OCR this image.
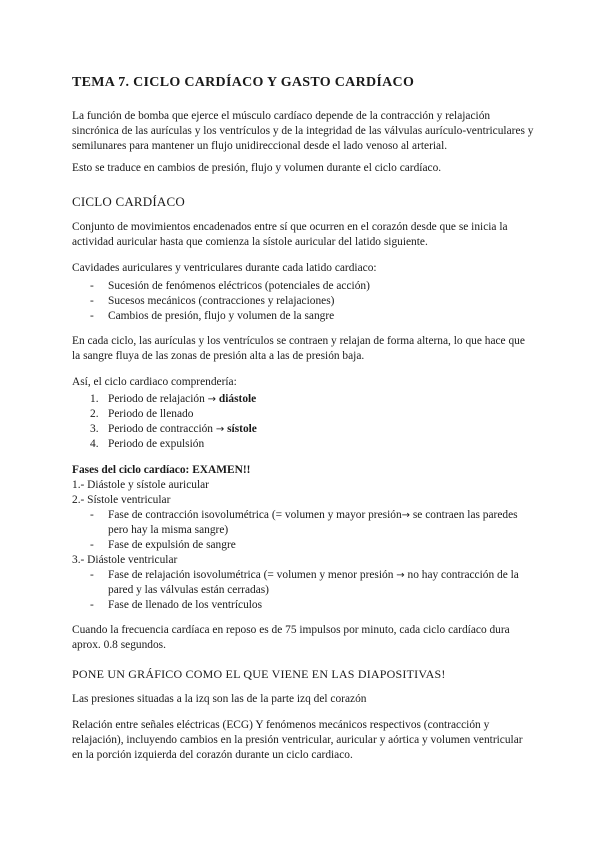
TEMA 7. CICLO CARDÍACO Y GASTO CARDÍACO
La función de bomba que ejerce el músculo cardíaco depende de la contracción y relajación sincrónica de las aurículas y los ventrículos y de la integridad de las válvulas aurículo-ventriculares y semilunares para mantener un flujo unidireccional desde el lado venoso al arterial.
Esto se traduce en cambios de presión, flujo y volumen durante el ciclo cardíaco.
CICLO CARDÍACO
Conjunto de movimientos encadenados entre sí que ocurren en el corazón desde que se inicia la actividad auricular hasta que comienza la sístole auricular del latido siguiente.
Cavidades auriculares y ventriculares durante cada latido cardiaco:
- Sucesión de fenómenos eléctricos (potenciales de acción)
- Sucesos mecánicos (contracciones y relajaciones)
- Cambios de presión, flujo y volumen de la sangre
En cada ciclo, las aurículas y los ventrículos se contraen y relajan de forma alterna, lo que hace que la sangre fluya de las zonas de presión alta a las de presión baja.
Así, el ciclo cardiaco comprendería:
1. Periodo de relajación → diástole
2. Periodo de llenado
3. Periodo de contracción → sístole
4. Periodo de expulsión
Fases del ciclo cardíaco: EXAMEN!!
1.- Diástole y sístole auricular
2.- Sístole ventricular
- Fase de contracción isovolumétrica (= volumen y mayor presión→ se contraen las paredes pero hay la misma sangre)
- Fase de expulsión de sangre
3.- Diástole ventricular
- Fase de relajación isovolumétrica (= volumen y menor presión → no hay contracción de la pared y las válvulas están cerradas)
- Fase de llenado de los ventrículos
Cuando la frecuencia cardíaca en reposo es de 75 impulsos por minuto, cada ciclo cardíaco dura aprox. 0.8 segundos.
PONE UN GRÁFICO COMO EL QUE VIENE EN LAS DIAPOSITIVAS!
Las presiones situadas a la izq son las de la parte izq del corazón
Relación entre señales eléctricas (ECG) Y fenómenos mecánicos respectivos (contracción y relajación), incluyendo cambios en la presión ventricular, auricular y aórtica y volumen ventricular en la porción izquierda del corazón durante un ciclo cardiaco.
